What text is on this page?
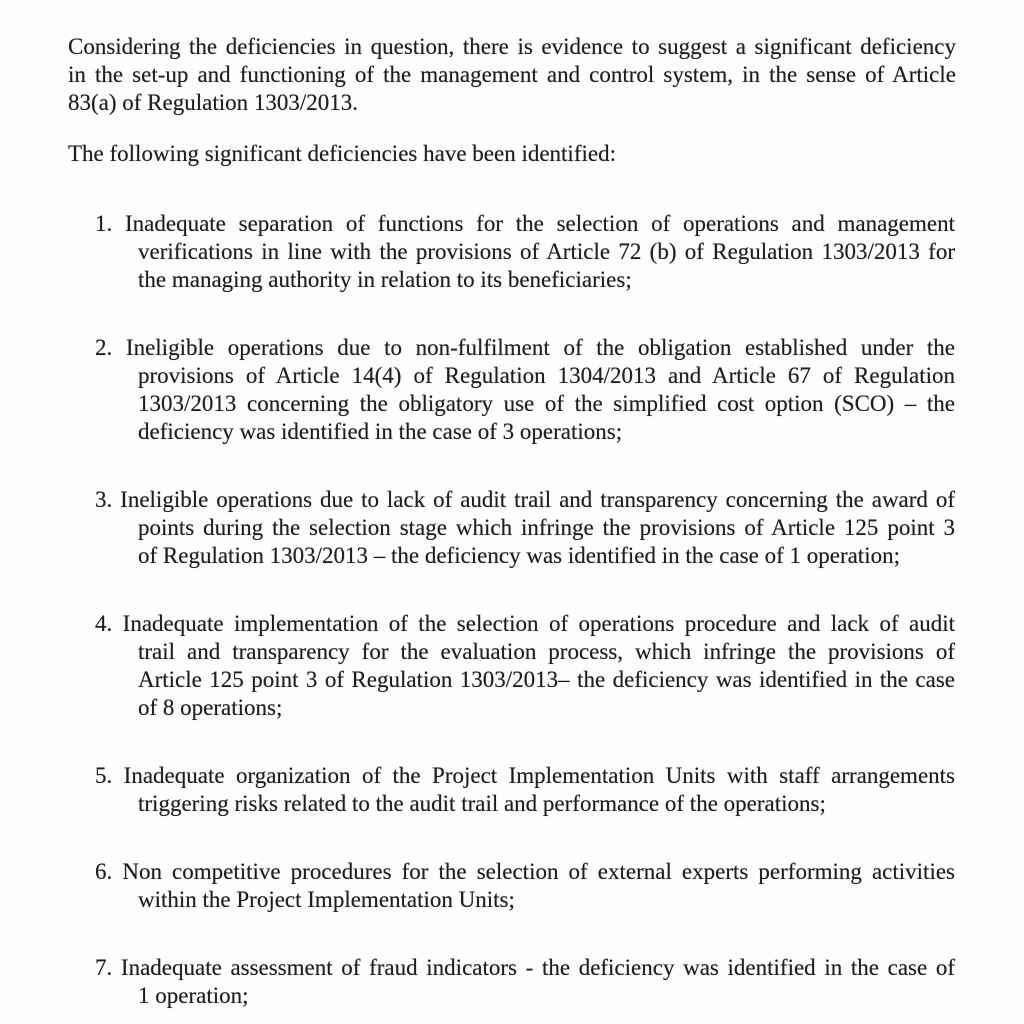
Considering the deficiencies in question, there is evidence to suggest a significant deficiency
in the set-up and functioning of the management and control system, in the sense of Article
83(a) of Regulation 1303/2013.
The following significant deficiencies have been identified:
1. Inadequate separation of functions for the selection of operations and management
verifications in line with the provisions of Article 72 (b) of Regulation 1303/2013 for
the managing authority in relation to its beneficiaries;
2. Ineligible operations due to non-fulfilment of the obligation established under the
provisions of Article 14(4) of Regulation 1304/2013 and Article 67 of Regulation
1303/2013 concerning the obligatory use of the simplified cost option (SCO) – the
deficiency was identified in the case of 3 operations;
3. Ineligible operations due to lack of audit trail and transparency concerning the award of
points during the selection stage which infringe the provisions of Article 125 point 3
of Regulation 1303/2013 – the deficiency was identified in the case of 1 operation;
4. Inadequate implementation of the selection of operations procedure and lack of audit
trail and transparency for the evaluation process, which infringe the provisions of
Article 125 point 3 of Regulation 1303/2013– the deficiency was identified in the case
of 8 operations;
5. Inadequate organization of the Project Implementation Units with staff arrangements
triggering risks related to the audit trail and performance of the operations;
6. Non competitive procedures for the selection of external experts performing activities
within the Project Implementation Units;
7. Inadequate assessment of fraud indicators - the deficiency was identified in the case of
1 operation;
